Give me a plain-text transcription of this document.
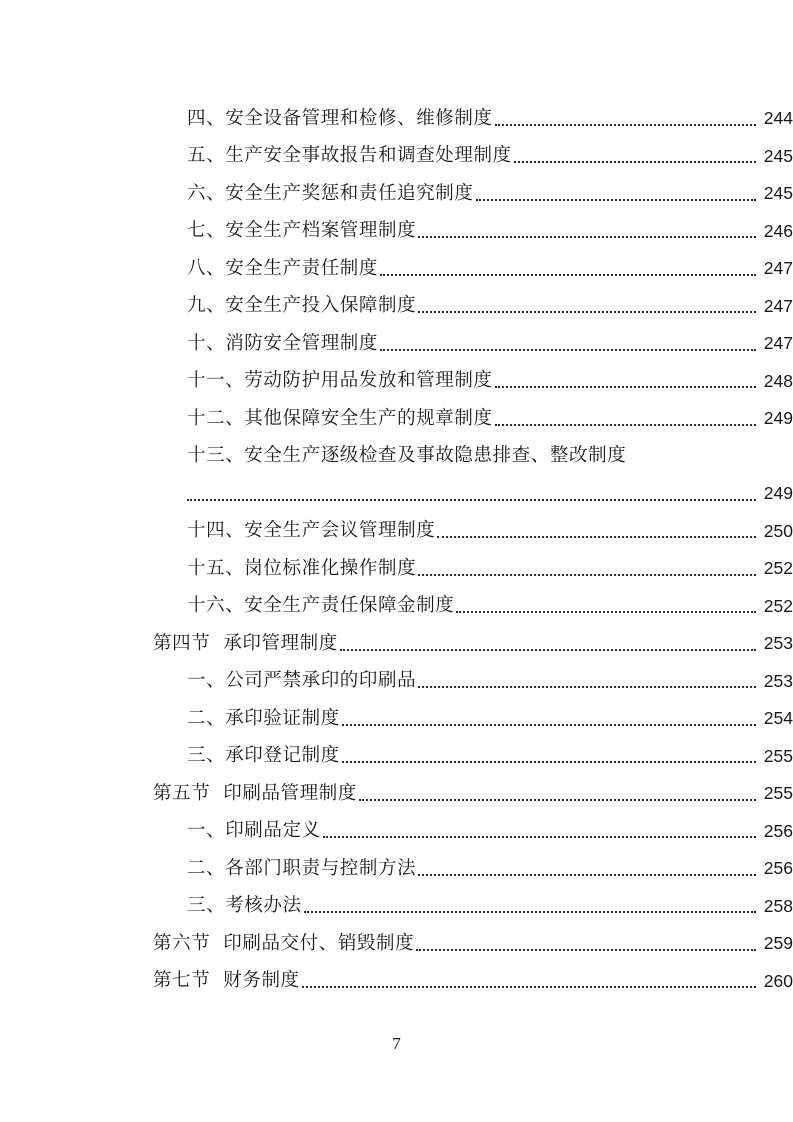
四、安全设备管理和检修、维修制度	244
五、生产安全事故报告和调查处理制度	245
六、安全生产奖惩和责任追究制度	245
七、安全生产档案管理制度	246
八、安全生产责任制度	247
九、安全生产投入保障制度	247
十、消防安全管理制度	247
十一、劳动防护用品发放和管理制度	248
十二、其他保障安全生产的规章制度	249
十三、安全生产逐级检查及事故隐患排查、整改制度
249
十四、安全生产会议管理制度	250
十五、岗位标准化操作制度	252
十六、安全生产责任保障金制度	252
第四节  承印管理制度	253
一、公司严禁承印的印刷品	253
二、承印验证制度	254
三、承印登记制度	255
第五节  印刷品管理制度	255
一、印刷品定义	256
二、各部门职责与控制方法	256
三、考核办法	258
第六节  印刷品交付、销毁制度	259
第七节  财务制度	260
7
